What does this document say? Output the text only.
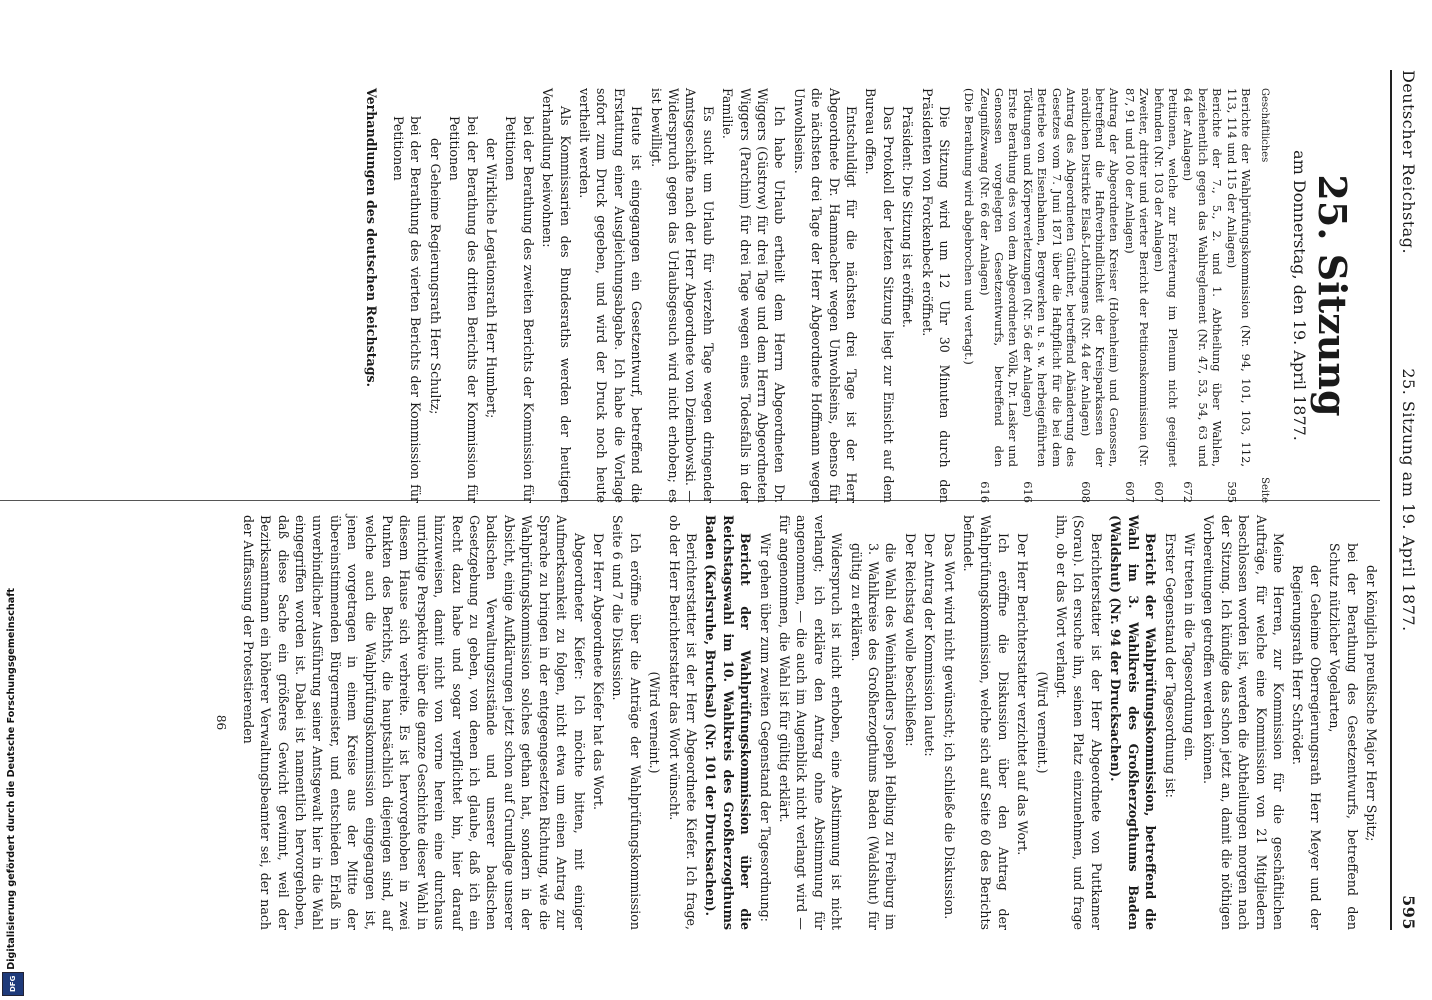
Deutscher Reichstag.
25. Sitzung am 19. April 1877.
595
25. Sitzung
am Donnerstag, den 19. April 1877.
Geschäftliches
Seite
Berichte der Wahlprüfungskommission (Nr. 94, 101, 103, 112, 113, 114 und 115 der Anlagen)
595
Berichte der 7., 5., 2. und 1. Abtheilung über Wahlen, beziehentlich gegen das Wahlreglement (Nr. 47, 53, 54, 63 und 64 der Anlagen)
672
Petitionen, welche zur Erörterung im Plenum nicht geeignet befunden (Nr. 103 der Anlagen)
607
Zweiter, dritter und vierter Bericht der Petitionskommission (Nr. 87, 91 und 100 der Anlagen)
607
Antrag der Abgeordneten Kreiser (Hohenheim) und Genossen, betreffend die Haftverbindlichkeit der Kreisparkassen der nördlichen Distrikte Elsaß-Lothringens (Nr. 44 der Anlagen)
608
Antrag des Abgeordneten Günther, betreffend Abänderung des Gesetzes vom 7. Juni 1871 über die Haftpflicht für die bei dem Betriebe von Eisenbahnen, Bergwerken u. s. w. herbeigeführten Tödtungen und Körperverletzungen (Nr. 56 der Anlagen)
616
Erste Berathung des von dem Abgeordneten Völk, Dr. Lasker und Genossen vorgelegten Gesetzentwurfs, betreffend den Zeugnißzwang (Nr. 66 der Anlagen)
616
(Die Berathung wird abgebrochen und vertagt.)

Die Sitzung wird um 12 Uhr 30 Minuten durch den Präsidenten von Forckenbeck eröffnet.

Präsident: Die Sitzung ist eröffnet.

Das Protokoll der letzten Sitzung liegt zur Einsicht auf dem Bureau offen.

Entschuldigt für die nächsten drei Tage ist der Herr Abgeordnete Dr. Hammacher wegen Unwohlseins, ebenso für die nächsten drei Tage der Herr Abgeordnete Hoffmann wegen Unwohlseins.

Ich habe Urlaub ertheilt dem Herrn Abgeordneten Dr. Wiggers (Güstrow) für drei Tage und dem Herrn Abgeordneten Wiggers (Parchim) für drei Tage wegen eines Todesfalls in der Familie.

Es sucht um Urlaub für vierzehn Tage wegen dringender Amtsgeschäfte nach der Herr Abgeordnete von Dziembowski. — Widerspruch gegen das Urlaubsgesuch wird nicht erhoben; es ist bewilligt.

Heute ist eingegangen ein Gesetzentwurf, betreffend die Erstattung einer Ausgleichungsabgabe. Ich habe die Vorlage sofort zum Druck gegeben, und wird der Druck noch heute vertheilt werden.

Als Kommissarien des Bundesraths werden der heutigen Verhandlung beiwohnen:

bei der Berathung des zweiten Berichts der Kommission für Petitionen

der Wirkliche Legationsrath Herr Humbert;

bei der Berathung des dritten Berichts der Kommission für Petitionen

der Geheime Regierungsrath Herr Schultz;

bei der Berathung des vierten Berichts der Kommission für Petitionen

Verhandlungen des deutschen Reichstags.

der königlich preußische Major Herr Spitz;

bei der Berathung des Gesetzentwurfs, betreffend den Schutz nützlicher Vogelarten,

der Geheime Oberregierungsrath Herr Meyer und der Regierungsrath Herr Schröder.

Meine Herren, zur Kommission für die geschäftlichen Aufträge, für welche eine Kommission von 21 Mitgliedern beschlossen worden ist, werden die Abtheilungen morgen nach der Sitzung. Ich kündige das schon jetzt an, damit die nöthigen Vorbereitungen getroffen werden können.

Wir treten in die Tagesordnung ein.

Erster Gegenstand der Tagesordnung ist:

Bericht der Wahlprüfungskommission, betreffend die Wahl im 3. Wahlkreis des Großherzogthums Baden (Waldshut) (Nr. 94 der Drucksachen).

Berichterstatter ist der Herr Abgeordnete von Puttkamer (Sorau). Ich ersuche ihn, seinen Platz einzunehmen, und frage ihn, ob er das Wort verlangt.

(Wird verneint.)

Der Herr Berichterstatter verzichtet auf das Wort.

Ich eröffne die Diskussion über den Antrag der Wahlprüfungskommission, welche sich auf Seite 60 des Berichts befindet.

Das Wort wird nicht gewünscht; ich schließe die Diskussion.

Der Antrag der Kommission lautet:

Der Reichstag wolle beschließen:

die Wahl des Weinhändlers Joseph Helbing zu Freiburg im 3. Wahlkreise des Großherzogthums Baden (Waldshut) für gültig zu erklären.

Widerspruch ist nicht erhoben, eine Abstimmung ist nicht verlangt; ich erkläre den Antrag ohne Abstimmung für angenommen, — die auch im Augenblick nicht verlangt wird — für angenommen, die Wahl ist für gültig erklärt.

Wir gehen über zum zweiten Gegenstand der Tagesordnung:

Bericht der Wahlprüfungskommission über die Reichstagswahl im 10. Wahlkreis des Großherzogthums Baden (Karlsruhe, Bruchsal) (Nr. 101 der Drucksachen).

Berichterstatter ist der Herr Abgeordnete Kiefer. Ich frage, ob der Herr Berichterstatter das Wort wünscht.

(Wird verneint.)

Ich eröffne über die Anträge der Wahlprüfungskommission Seite 6 und 7 die Diskussion.

Der Herr Abgeordnete Kiefer hat das Wort.

Abgeordneter Kiefer: Ich möchte bitten, mit einiger Aufmerksamkeit zu folgen, nicht etwa um einen Antrag zur Sprache zu bringen in der entgegengesetzten Richtung, wie die Wahlprüfungskommission solches gethan hat, sondern in der Absicht, einige Aufklärungen jetzt schon auf Grundlage unserer badischen Verwaltungszustände und unserer badischen Gesetzgebung zu geben, von denen ich glaube, daß ich ein Recht dazu habe und sogar verpflichtet bin, hier darauf hinzuweisen, damit nicht von vorne herein eine durchaus unrichtige Perspektive über die ganze Geschichte dieser Wahl in diesem Hause sich verbreite. Es ist hervorgehoben in zwei Punkten des Berichts, die hauptsächlich diejenigen sind, auf welche auch die Wahlprüfungskommission eingegangen ist, jenen vorgetragen in einem Kreise aus der Mitte der übereinstimmenden Bürgermeister, und entschieden Erlaß in unverbindlicher Ausführung seiner Amtsgewalt hier in die Wahl eingegriffen worden ist. Dabei ist namentlich hervorgehoben, daß diese Sache ein größeres Gewicht gewinnt, weil der Bezirksamtmann ein höherer Verwaltungsbeamter sei, der nach der Auffassung der Protestierenden

86
Digitalisierung gefördert durch die Deutsche Forschungsgemeinschaft
DFG
